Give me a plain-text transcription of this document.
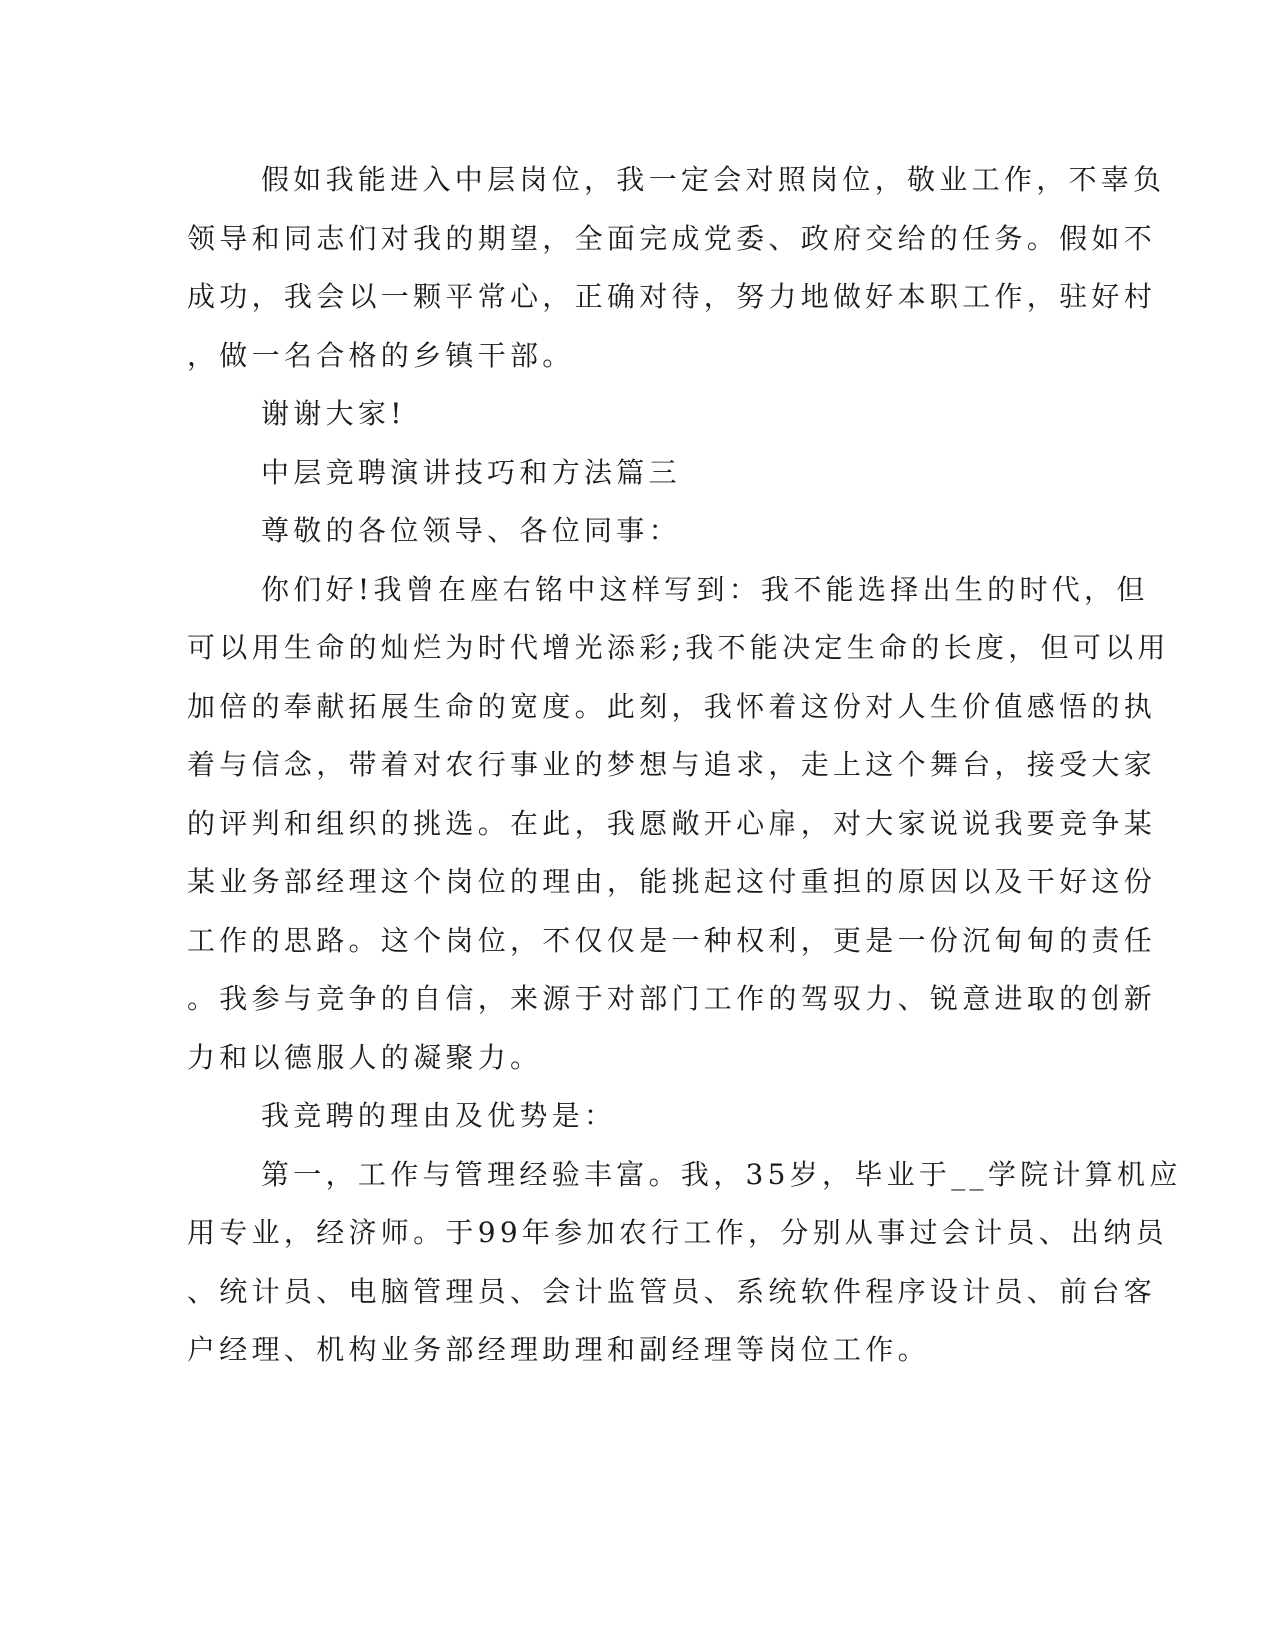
假如我能进入中层岗位，我一定会对照岗位，敬业工作，不辜负
领导和同志们对我的期望，全面完成党委、政府交给的任务。假如不
成功，我会以一颗平常心，正确对待，努力地做好本职工作，驻好村
，做一名合格的乡镇干部。
谢谢大家!
中层竞聘演讲技巧和方法篇三
尊敬的各位领导、各位同事：
你们好!我曾在座右铭中这样写到：我不能选择出生的时代，但
可以用生命的灿烂为时代增光添彩;我不能决定生命的长度，但可以用
加倍的奉献拓展生命的宽度。此刻，我怀着这份对人生价值感悟的执
着与信念，带着对农行事业的梦想与追求，走上这个舞台，接受大家
的评判和组织的挑选。在此，我愿敞开心扉，对大家说说我要竞争某
某业务部经理这个岗位的理由，能挑起这付重担的原因以及干好这份
工作的思路。这个岗位，不仅仅是一种权利，更是一份沉甸甸的责任
。我参与竞争的自信，来源于对部门工作的驾驭力、锐意进取的创新
力和以德服人的凝聚力。
我竞聘的理由及优势是：
第一，工作与管理经验丰富。我，35岁，毕业于__学院计算机应
用专业，经济师。于99年参加农行工作，分别从事过会计员、出纳员
、统计员、电脑管理员、会计监管员、系统软件程序设计员、前台客
户经理、机构业务部经理助理和副经理等岗位工作。
